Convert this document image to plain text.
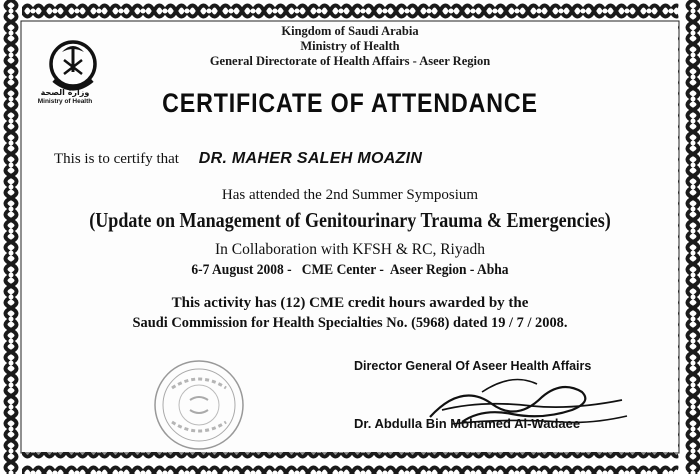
وزارة الصحة
Ministry of Health
Kingdom of Saudi Arabia
Ministry of Health
General Directorate of Health Affairs - Aseer Region
CERTIFICATE OF ATTENDANCE
This is to certify that DR. MAHER SALEH MOAZIN
Has attended the 2nd Summer Symposium
(Update on Management of Genitourinary Trauma & Emergencies)
In Collaboration with KFSH & RC, Riyadh
6-7 August 2008 -   CME Center -  Aseer Region - Abha
This activity has (12) CME credit hours awarded by the
Saudi Commission for Health Specialties No. (5968) dated 19 / 7 / 2008.
Director General Of Aseer Health Affairs
Dr. Abdulla Bin Mohamed Al-Wadaee
